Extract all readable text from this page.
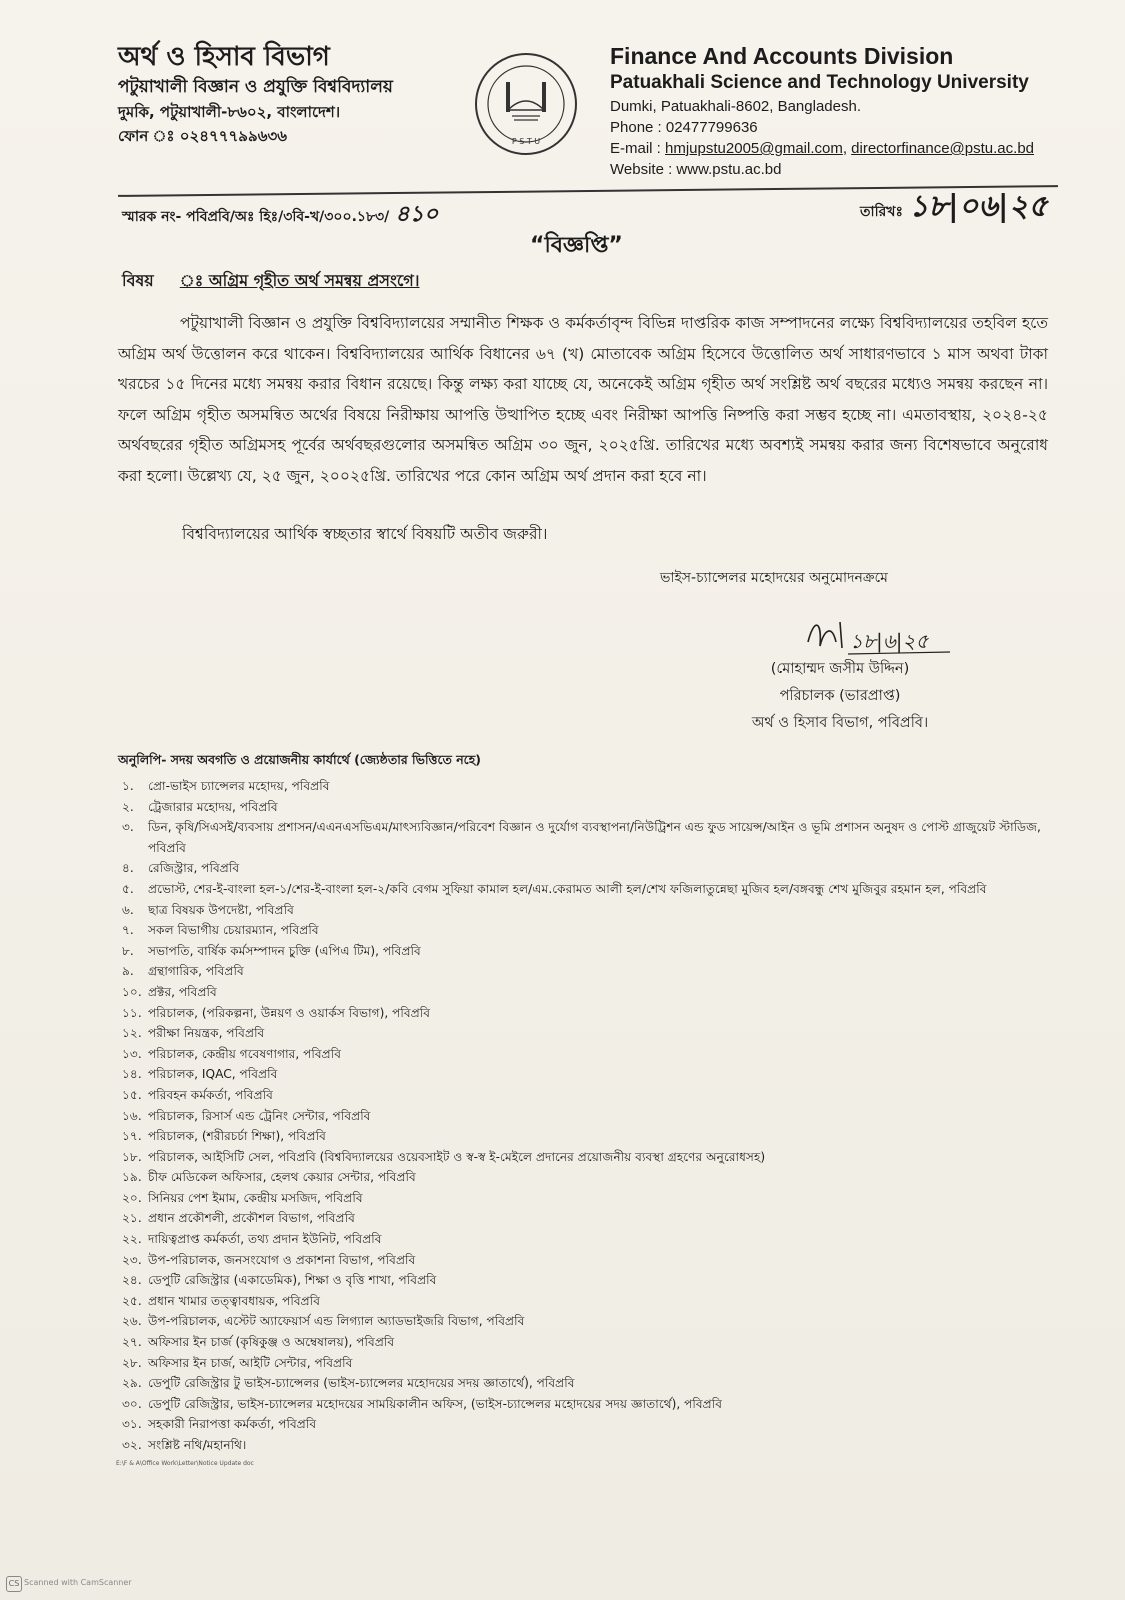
অর্থ ও হিসাব বিভাগ
পটুয়াখালী বিজ্ঞান ও প্রযুক্তি বিশ্ববিদ্যালয়
দুমকি, পটুয়াখালী-৮৬০২, বাংলাদেশ।
ফোন ঃ ০২৪৭৭৭৯৯৬৩৬	P S T U
Finance And Accounts Division
Patuakhali Science and Technology University
Dumki, Patuakhali-8602, Bangladesh.
Phone : 02477799636
E-mail : hmjupstu2005@gmail.com, directorfinance@pstu.ac.bd
Website : www.pstu.ac.bd
স্মারক নং- পবিপ্রবি/অঃ হিঃ/৩বি-খ/৩০০.১৮৩/ ৪১০	তারিখঃ ১৮|০৬|২৫
“বিজ্ঞপ্তি”
বিষয় ঃ অগ্রিম গৃহীত অর্থ সমন্বয় প্রসংগে।
পটুয়াখালী বিজ্ঞান ও প্রযুক্তি বিশ্ববিদ্যালয়ের সম্মানীত শিক্ষক ও কর্মকর্তাবৃন্দ বিভিন্ন দাপ্তরিক কাজ সম্পাদনের লক্ষ্যে বিশ্ববিদ্যালয়ের তহবিল হতে অগ্রিম অর্থ উত্তোলন করে থাকেন। বিশ্ববিদ্যালয়ের আর্থিক বিধানের ৬৭ (খ) মোতাবেক অগ্রিম হিসেবে উত্তোলিত অর্থ সাধারণভাবে ১ মাস অথবা টাকা খরচের ১৫ দিনের মধ্যে সমন্বয় করার বিধান রয়েছে। কিন্তু লক্ষ্য করা যাচ্ছে যে, অনেকেই অগ্রিম গৃহীত অর্থ সংশ্লিষ্ট অর্থ বছরের মধ্যেও সমন্বয় করছেন না। ফলে অগ্রিম গৃহীত অসমন্বিত অর্থের বিষয়ে নিরীক্ষায় আপত্তি উত্থাপিত হচ্ছে এবং নিরীক্ষা আপত্তি নিষ্পত্তি করা সম্ভব হচ্ছে না। এমতাবস্থায়, ২০২৪-২৫ অর্থবছরের গৃহীত অগ্রিমসহ পূর্বের অর্থবছরগুলোর অসমন্বিত অগ্রিম ৩০ জুন, ২০২৫খ্রি. তারিখের মধ্যে অবশ্যই সমন্বয় করার জন্য বিশেষভাবে অনুরোধ করা হলো। উল্লেখ্য যে, ২৫ জুন, ২০০২৫খ্রি. তারিখের পরে কোন অগ্রিম অর্থ প্রদান করা হবে না।
বিশ্ববিদ্যালয়ের আর্থিক স্বচ্ছতার স্বার্থে বিষয়টি অতীব জরুরী।
ভাইস-চ্যান্সেলর মহোদয়ের অনুমোদনক্রমে
১৮|৬|২৫
(মোহাম্মদ জসীম উদ্দিন)
পরিচালক (ভারপ্রাপ্ত)
অর্থ ও হিসাব বিভাগ, পবিপ্রবি।
অনুলিপি- সদয় অবগতি ও প্রয়োজনীয় কার্যার্থে (জ্যেষ্ঠতার ভিত্তিতে নহে)
১.	প্রো-ভাইস চ্যান্সেলর মহোদয়, পবিপ্রবি
২.	ট্রেজারার মহোদয়, পবিপ্রবি
৩.	ডিন, কৃষি/সিএসই/ব্যবসায় প্রশাসন/এএনএসভিএম/মাৎস্যবিজ্ঞান/পরিবেশ বিজ্ঞান ও দুর্যোগ ব্যবস্থাপনা/নিউট্রিশন এন্ড ফুড সায়েন্স/আইন ও ভূমি প্রশাসন অনুষদ ও পোস্ট গ্রাজুয়েট স্টাডিজ, পবিপ্রবি
৪.	রেজিস্ট্রার, পবিপ্রবি
৫.	প্রভোস্ট, শের-ই-বাংলা হল-১/শের-ই-বাংলা হল-২/কবি বেগম সুফিয়া কামাল হল/এম.কেরামত আলী হল/শেখ ফজিলাতুন্নেছা মুজিব হল/বঙ্গবন্ধু শেখ মুজিবুর রহমান হল, পবিপ্রবি
৬.	ছাত্র বিষয়ক উপদেষ্টা, পবিপ্রবি
৭.	সকল বিভাগীয় চেয়ারম্যান, পবিপ্রবি
৮.	সভাপতি, বার্ষিক কর্মসম্পাদন চুক্তি (এপিএ টিম), পবিপ্রবি
৯.	গ্রন্থাগারিক, পবিপ্রবি
১০. প্রক্টর, পবিপ্রবি
১১. পরিচালক, (পরিকল্পনা, উন্নয়ণ ও ওয়ার্কস বিভাগ), পবিপ্রবি
১২. পরীক্ষা নিয়ন্ত্রক, পবিপ্রবি
১৩. পরিচালক, কেন্দ্রীয় গবেষণাগার, পবিপ্রবি
১৪. পরিচালক, IQAC, পবিপ্রবি
১৫. পরিবহন কর্মকর্তা, পবিপ্রবি
১৬. পরিচালক, রিসার্স এন্ড ট্রেনিং সেন্টার, পবিপ্রবি
১৭. পরিচালক, (শরীরচর্চা শিক্ষা), পবিপ্রবি
১৮. পরিচালক, আইসিটি সেল, পবিপ্রবি (বিশ্ববিদ্যালয়ের ওয়েবসাইট ও স্ব-স্ব ই-মেইলে প্রদানের প্রয়োজনীয় ব্যবস্থা গ্রহণের অনুরোধসহ)
১৯. চীফ মেডিকেল অফিসার, হেলথ কেয়ার সেন্টার, পবিপ্রবি
২০. সিনিয়র পেশ ইমাম, কেন্দ্রীয় মসজিদ, পবিপ্রবি
২১. প্রধান প্রকৌশলী, প্রকৌশল বিভাগ, পবিপ্রবি
২২. দায়িত্বপ্রাপ্ত কর্মকর্তা, তথ্য প্রদান ইউনিট, পবিপ্রবি
২৩. উপ-পরিচালক, জনসংযোগ ও প্রকাশনা বিভাগ, পবিপ্রবি
২৪. ডেপুটি রেজিস্ট্রার (একাডেমিক), শিক্ষা ও বৃত্তি শাখা, পবিপ্রবি
২৫. প্রধান খামার তত্ত্বাবধায়ক, পবিপ্রবি
২৬. উপ-পরিচালক, এস্টেট অ্যাফেয়ার্স এন্ড লিগ্যাল অ্যাডভাইজরি বিভাগ, পবিপ্রবি
২৭. অফিসার ইন চার্জ (কৃষিকুঞ্জ ও অম্বেষালয়), পবিপ্রবি
২৮. অফিসার ইন চার্জ, আইটি সেন্টার, পবিপ্রবি
২৯. ডেপুটি রেজিস্ট্রার টু ভাইস-চ্যান্সেলর (ভাইস-চ্যান্সেলর মহোদয়ের সদয় জ্ঞাতার্থে), পবিপ্রবি
৩০. ডেপুটি রেজিস্ট্রার, ভাইস-চ্যান্সেলর মহোদয়ের সাময়িকালীন অফিস, (ভাইস-চ্যান্সেলর মহোদয়ের সদয় জ্ঞাতার্থে), পবিপ্রবি
৩১. সহকারী নিরাপত্তা কর্মকর্তা, পবিপ্রবি
৩২. সংশ্লিষ্ট নথি/মহানথি।
E:\F & A\Office Work\Letter\Notice Update doc
CS Scanned with CamScanner
